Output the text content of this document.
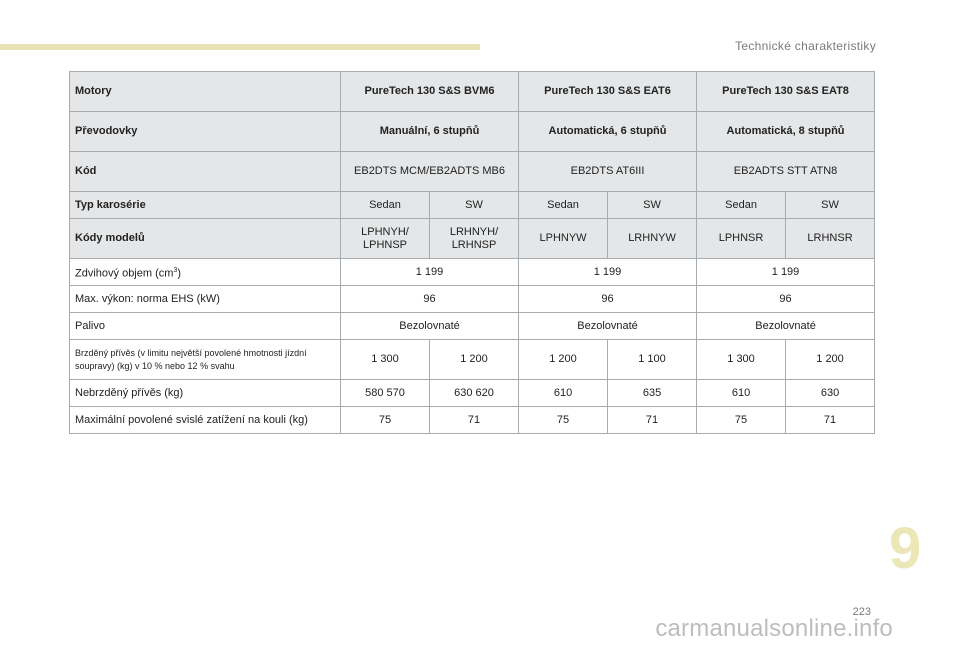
Technické charakteristiky
Motory	PureTech 130 S&S BVM6		PureTech 130 S&S EAT6		PureTech 130 S&S EAT8	
Převodovky	Manuální, 6 stupňů		Automatická, 6 stupňů		Automatická, 8 stupňů	
Kód	EB2DTS MCM/EB2ADTS MB6		EB2DTS AT6III		EB2ADTS STT ATN8	
Typ karosérie	Sedan	SW	Sedan	SW	Sedan	SW
Kódy modelů	LPHNYH/ LPHNSP	LRHNYH/ LRHNSP	LPHNYW	LRHNYW	LPHNSR	LRHNSR
Zdvihový objem $(cm^3)$	1 199		1 199		1 199	
Max. výkon: norma EHS (kW)	96		96		96	
Palivo	Bezolovnaté		Bezolovnaté		Bezolovnaté	
Brzděný přívěs (v limitu největší povolené hmotnosti jízdní soupravy) (kg) v 10 % nebo 12 % svahu	1 300	1 200	1 200	1 100	1 300	1 200
Nebrzděný přívěs (kg)	580 570	630 620	610	635	610	630
Maximální povolené svislé zatížení na kouli (kg)	75	71	75	71	75	71
9
223
carmanualsonline.info
